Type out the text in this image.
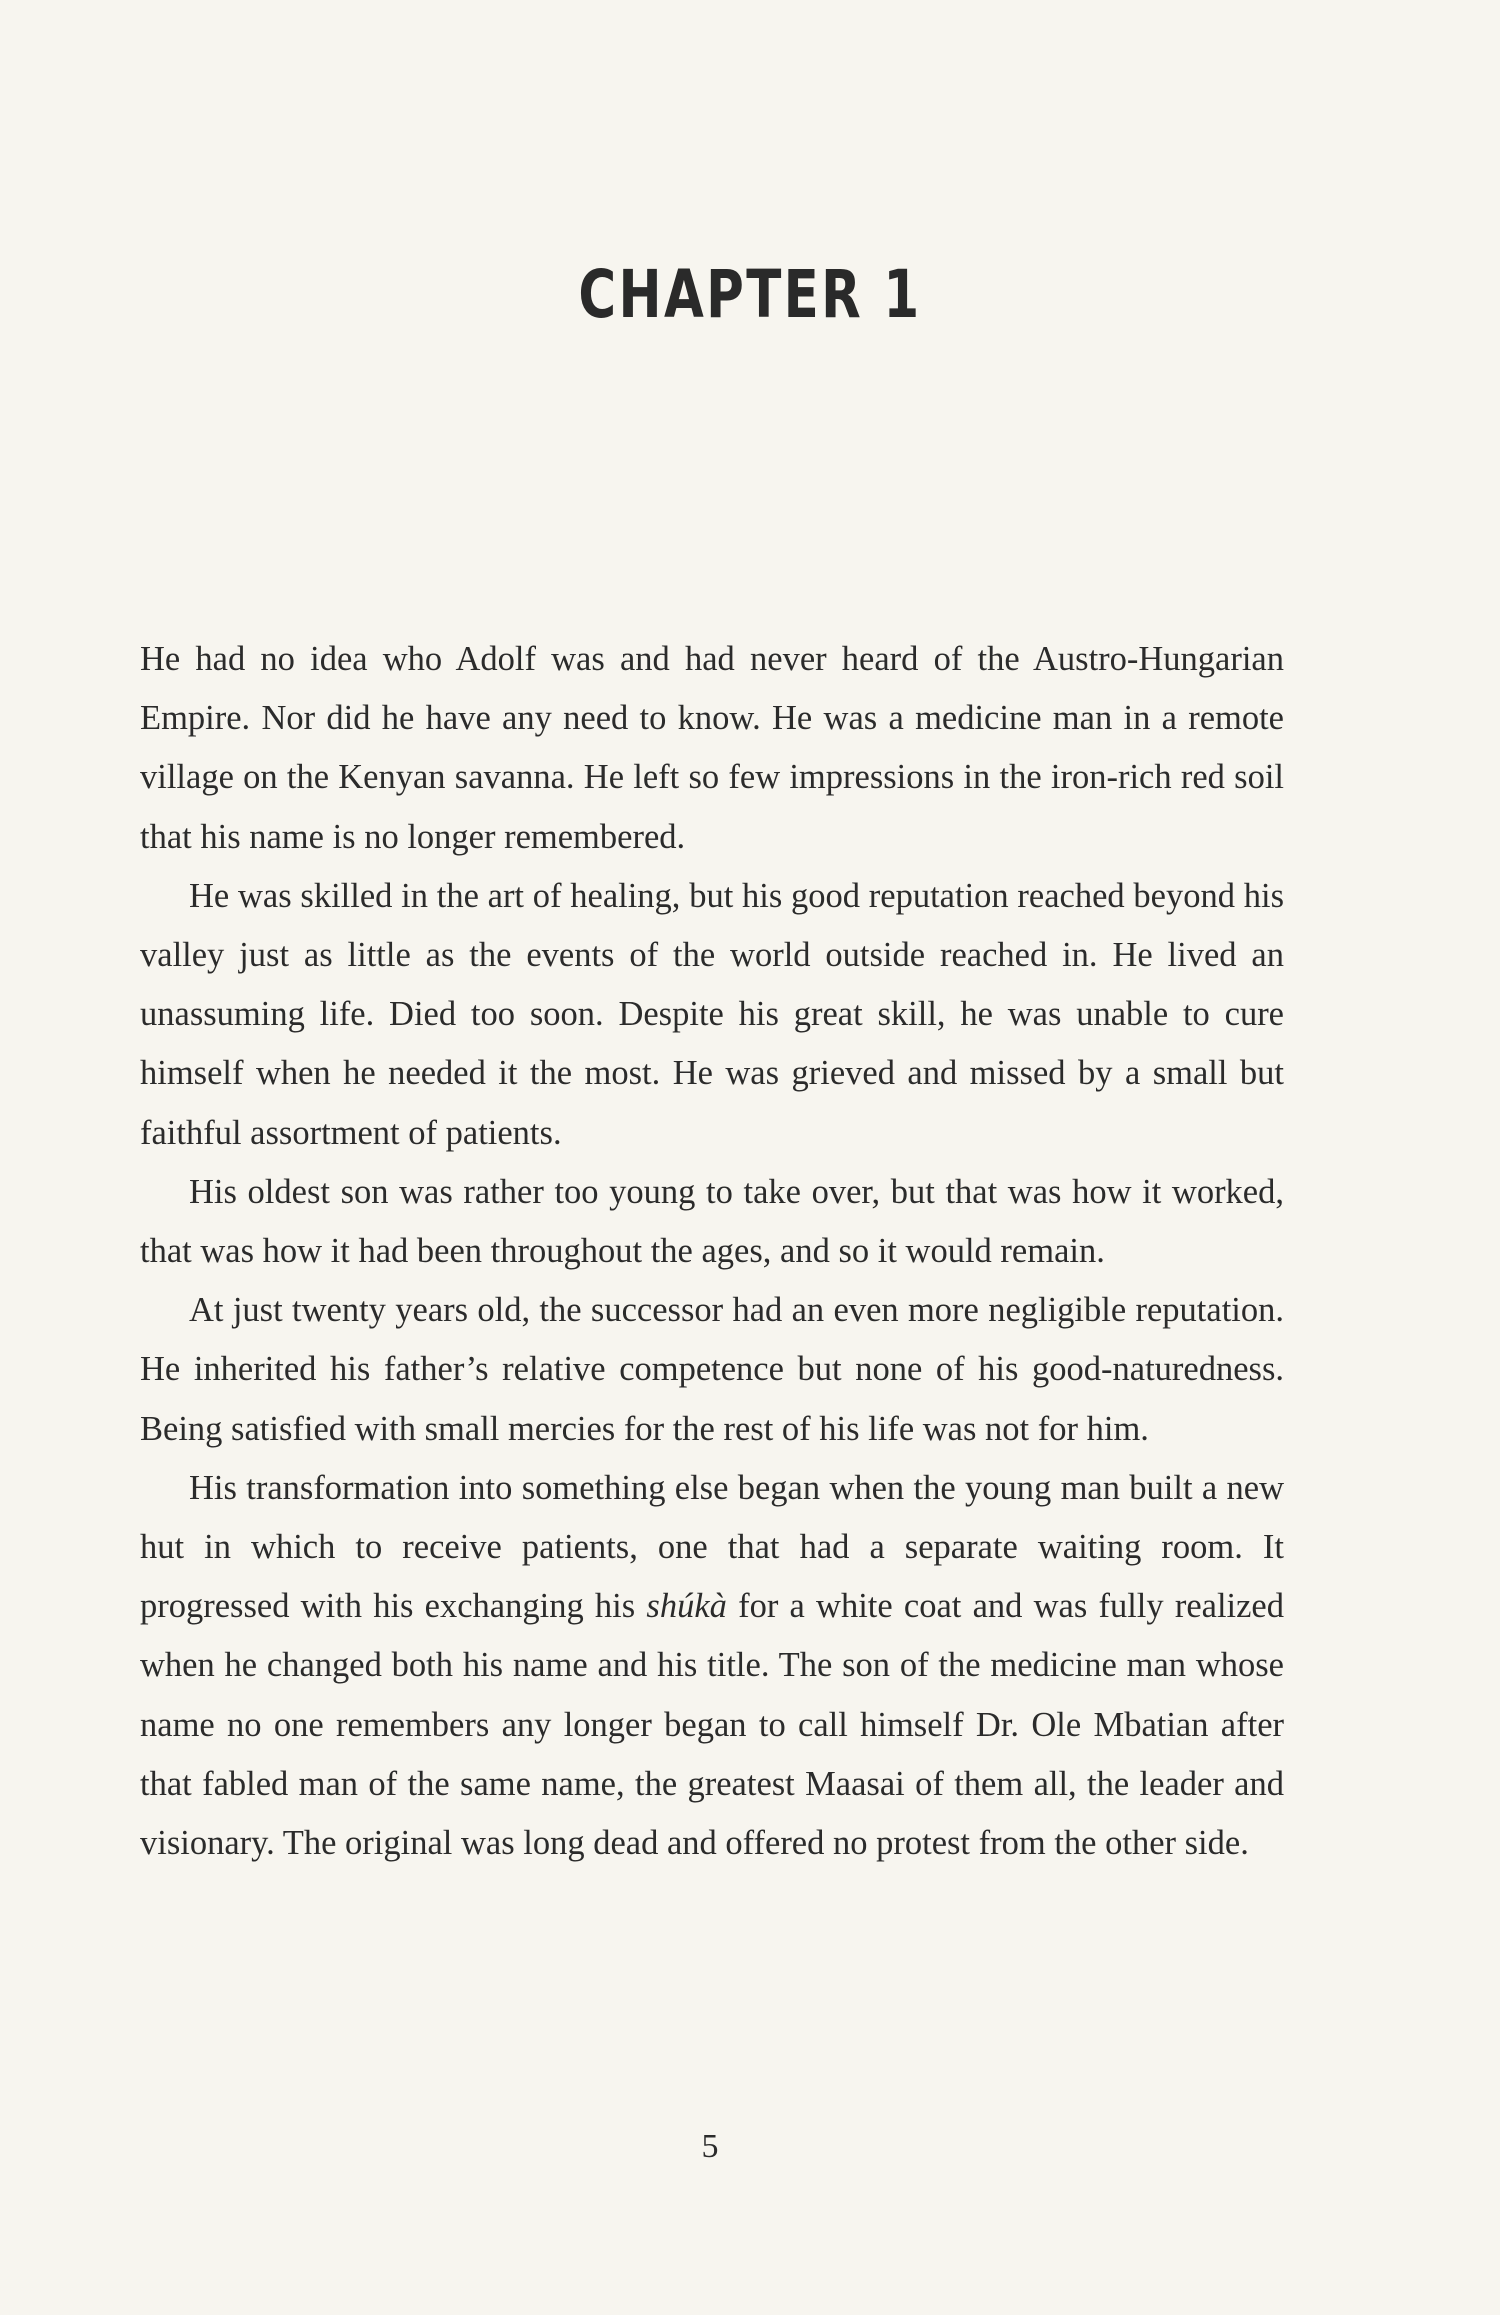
CHAPTER 1

He had no idea who Adolf was and had never heard of the Austro-Hungarian Empire. Nor did he have any need to know. He was a medicine man in a remote village on the Kenyan savanna. He left so few impressions in the iron-rich red soil that his name is no longer remembered.

He was skilled in the art of healing, but his good reputation reached beyond his valley just as little as the events of the world outside reached in. He lived an unassuming life. Died too soon. Despite his great skill, he was unable to cure himself when he needed it the most. He was grieved and missed by a small but faithful assortment of patients.

His oldest son was rather too young to take over, but that was how it worked, that was how it had been throughout the ages, and so it would remain.

At just twenty years old, the successor had an even more negligible reputation. He inherited his father’s relative competence but none of his good-naturedness. Being satisfied with small mercies for the rest of his life was not for him.

His transformation into something else began when the young man built a new hut in which to receive patients, one that had a separate waiting room. It progressed with his exchanging his shúkà for a white coat and was fully realized when he changed both his name and his title. The son of the medicine man whose name no one remembers any longer began to call himself Dr. Ole Mbatian after that fabled man of the same name, the greatest Maasai of them all, the leader and visionary. The original was long dead and offered no protest from the other side.

5
